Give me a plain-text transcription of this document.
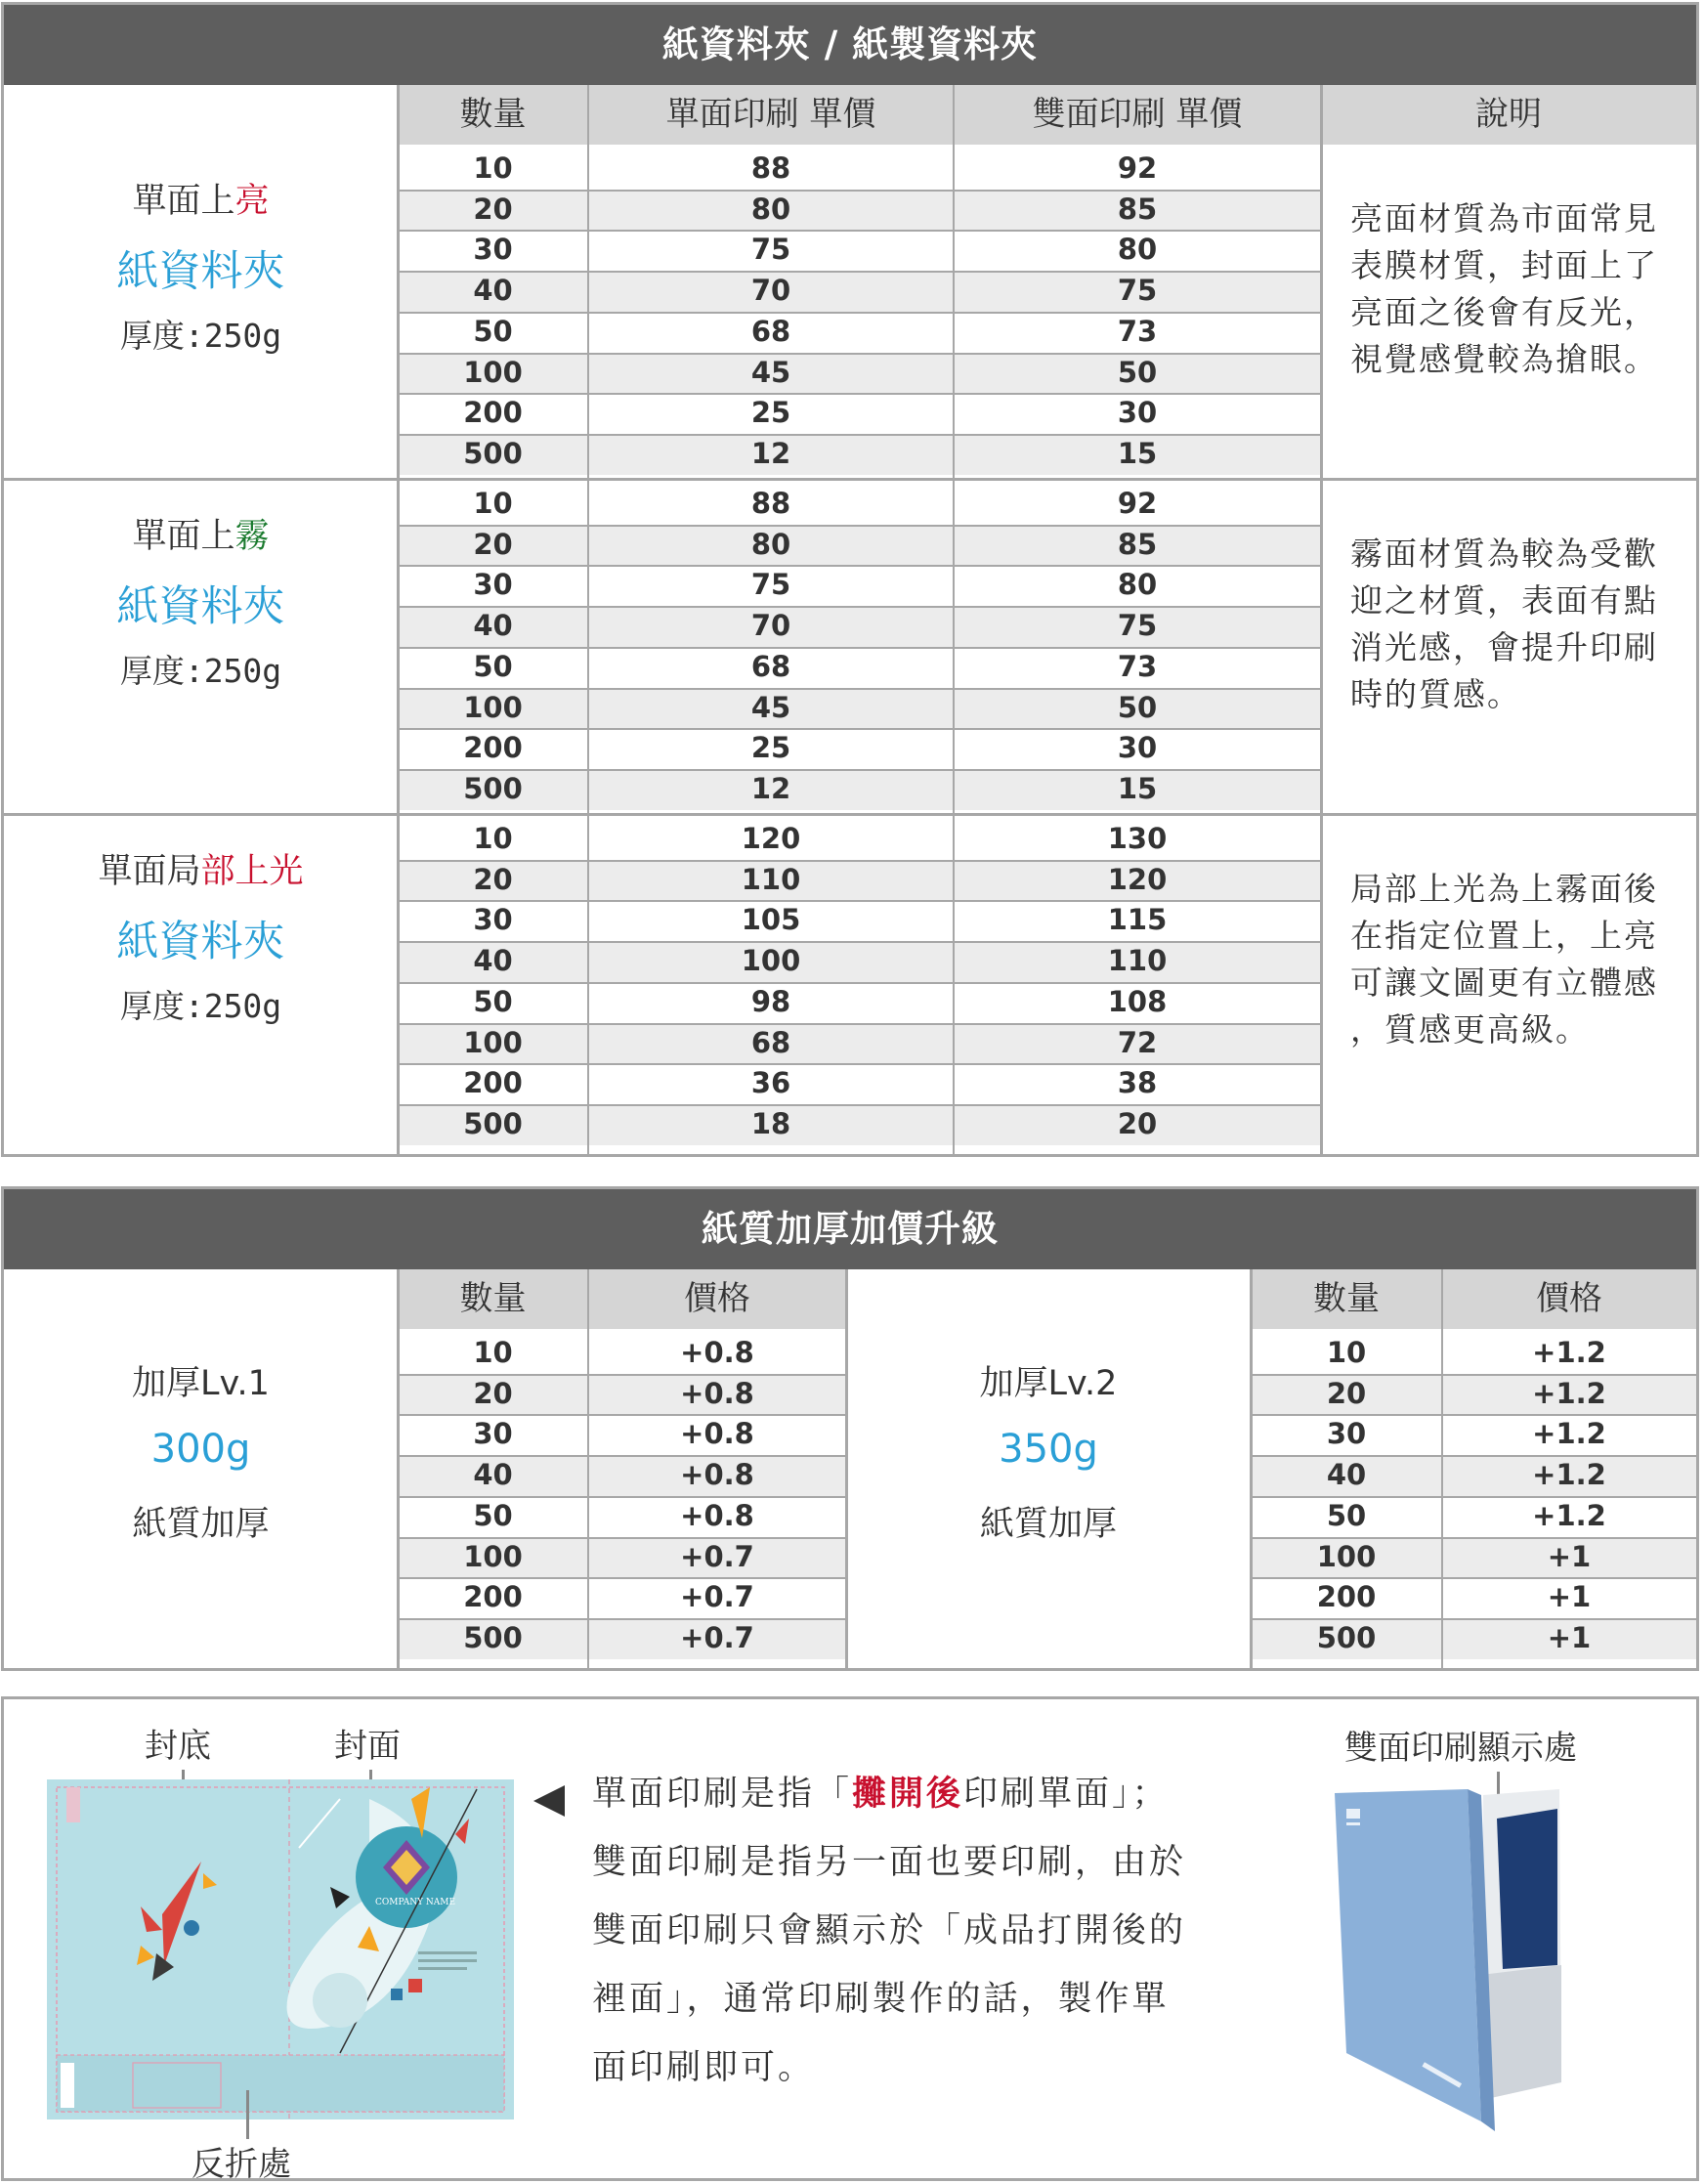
紙資料夾 / 紙製資料夾
數量	單面印刷 單價	雙面印刷 單價	說明
單面上亮
紙資料夾
厚度:250g
10	88	92
20	80	85
30	75	80
40	70	75
50	68	73
100	45	50
200	25	30
500	12	15
亮面材質為市面常見
表膜材質，封面上了
亮面之後會有反光，
視覺感覺較為搶眼。
單面上霧
紙資料夾
厚度:250g
10	88	92
20	80	85
30	75	80
40	70	75
50	68	73
100	45	50
200	25	30
500	12	15
霧面材質為較為受歡
迎之材質，表面有點
消光感，會提升印刷
時的質感。
單面局部上光
紙資料夾
厚度:250g
10	120	130
20	110	120
30	105	115
40	100	110
50	98	108
100	68	72
200	36	38
500	18	20
局部上光為上霧面後
在指定位置上，上亮
可讓文圖更有立體感
，質感更高級。
紙質加厚加價升級
數量	價格
加厚Lv.1
300g
紙質加厚
10	+0.8
20	+0.8
30	+0.8
40	+0.8
50	+0.8
100	+0.7
200	+0.7
500	+0.7
數量	價格
加厚Lv.2
350g
紙質加厚
10	+1.2
20	+1.2
30	+1.2
40	+1.2
50	+1.2
100	+1
200	+1
500	+1
封底	封面
COMPANY NAME
反折處
單面印刷是指「攤開後印刷單面」；
雙面印刷是指另一面也要印刷，由於
雙面印刷只會顯示於「成品打開後的
裡面」，通常印刷製作的話，製作單
面印刷即可。
雙面印刷顯示處
